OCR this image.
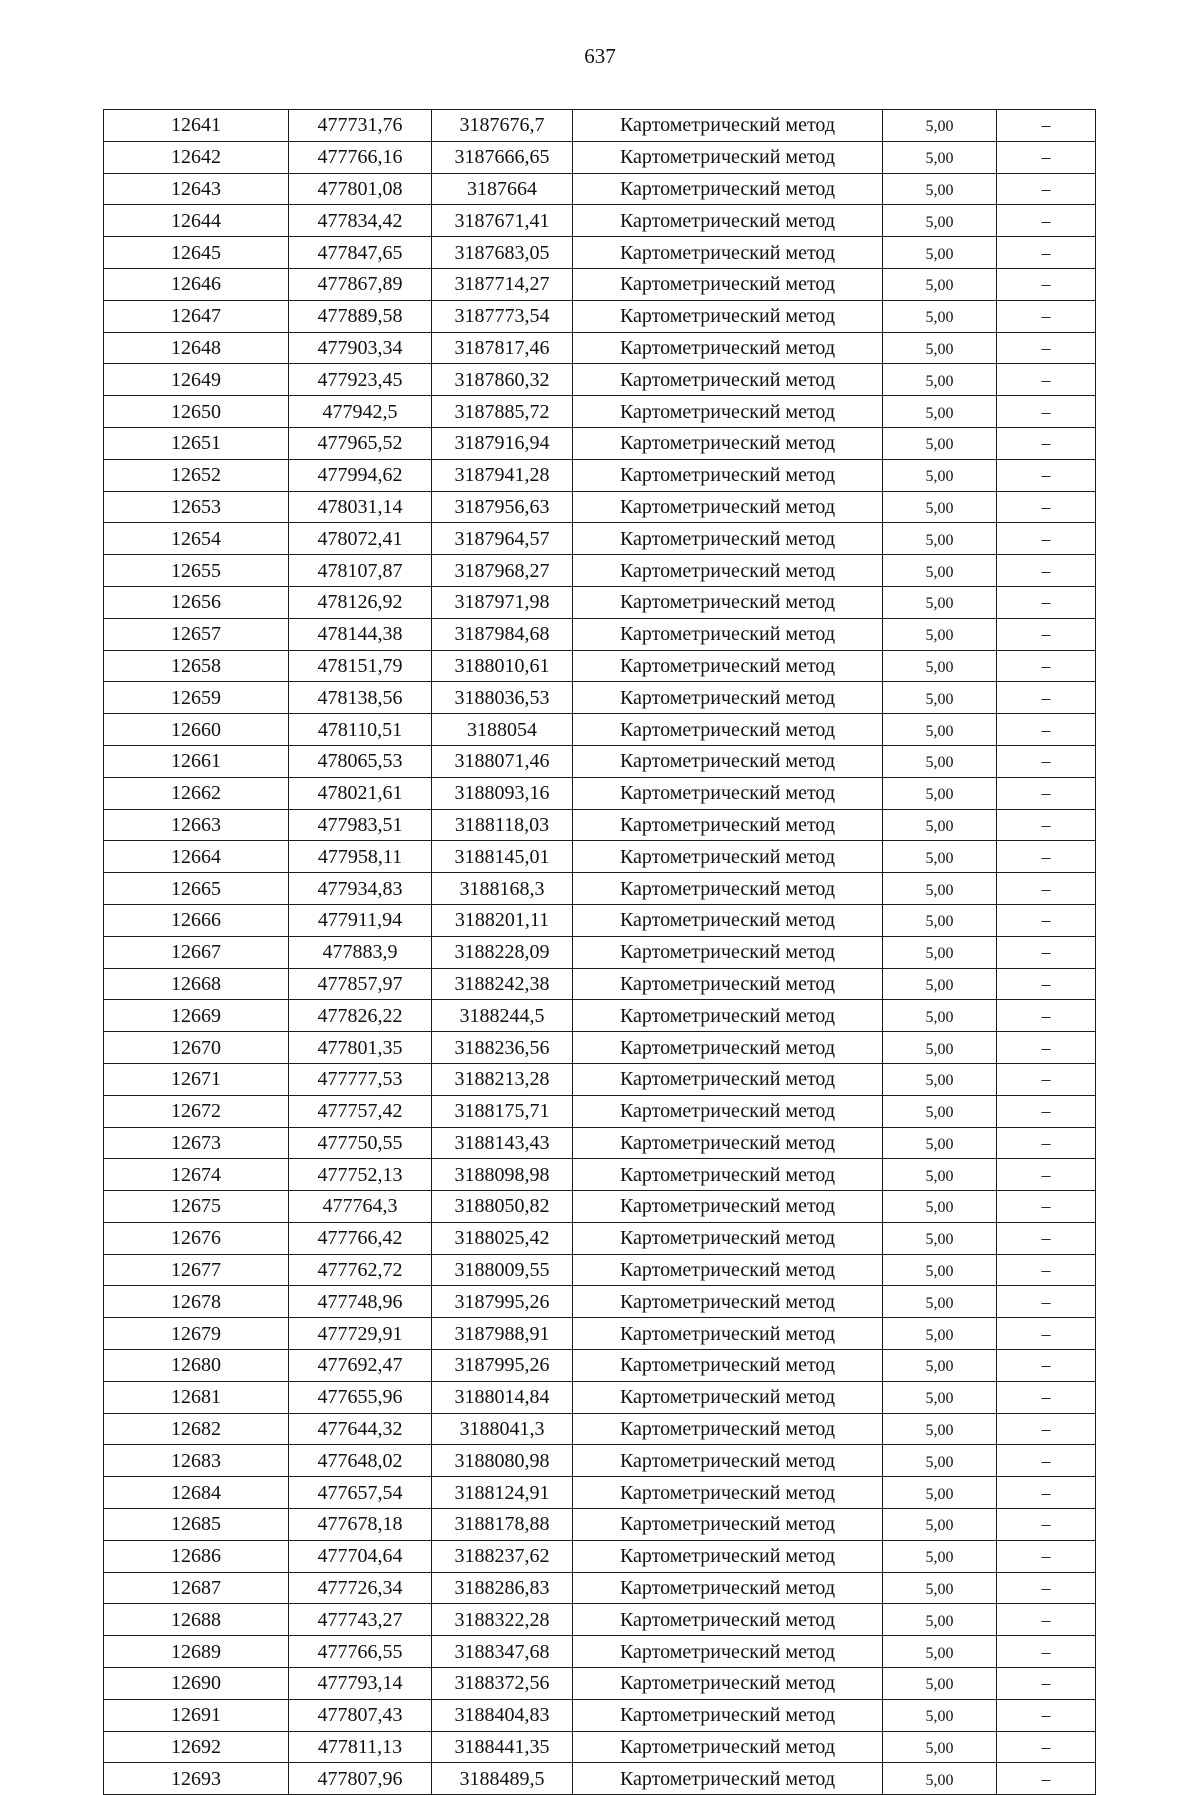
637
12641	477731,76	3187676,7	Картометрический метод	5,00	–
12642	477766,16	3187666,65	Картометрический метод	5,00	–
12643	477801,08	3187664	Картометрический метод	5,00	–
12644	477834,42	3187671,41	Картометрический метод	5,00	–
12645	477847,65	3187683,05	Картометрический метод	5,00	–
12646	477867,89	3187714,27	Картометрический метод	5,00	–
12647	477889,58	3187773,54	Картометрический метод	5,00	–
12648	477903,34	3187817,46	Картометрический метод	5,00	–
12649	477923,45	3187860,32	Картометрический метод	5,00	–
12650	477942,5	3187885,72	Картометрический метод	5,00	–
12651	477965,52	3187916,94	Картометрический метод	5,00	–
12652	477994,62	3187941,28	Картометрический метод	5,00	–
12653	478031,14	3187956,63	Картометрический метод	5,00	–
12654	478072,41	3187964,57	Картометрический метод	5,00	–
12655	478107,87	3187968,27	Картометрический метод	5,00	–
12656	478126,92	3187971,98	Картометрический метод	5,00	–
12657	478144,38	3187984,68	Картометрический метод	5,00	–
12658	478151,79	3188010,61	Картометрический метод	5,00	–
12659	478138,56	3188036,53	Картометрический метод	5,00	–
12660	478110,51	3188054	Картометрический метод	5,00	–
12661	478065,53	3188071,46	Картометрический метод	5,00	–
12662	478021,61	3188093,16	Картометрический метод	5,00	–
12663	477983,51	3188118,03	Картометрический метод	5,00	–
12664	477958,11	3188145,01	Картометрический метод	5,00	–
12665	477934,83	3188168,3	Картометрический метод	5,00	–
12666	477911,94	3188201,11	Картометрический метод	5,00	–
12667	477883,9	3188228,09	Картометрический метод	5,00	–
12668	477857,97	3188242,38	Картометрический метод	5,00	–
12669	477826,22	3188244,5	Картометрический метод	5,00	–
12670	477801,35	3188236,56	Картометрический метод	5,00	–
12671	477777,53	3188213,28	Картометрический метод	5,00	–
12672	477757,42	3188175,71	Картометрический метод	5,00	–
12673	477750,55	3188143,43	Картометрический метод	5,00	–
12674	477752,13	3188098,98	Картометрический метод	5,00	–
12675	477764,3	3188050,82	Картометрический метод	5,00	–
12676	477766,42	3188025,42	Картометрический метод	5,00	–
12677	477762,72	3188009,55	Картометрический метод	5,00	–
12678	477748,96	3187995,26	Картометрический метод	5,00	–
12679	477729,91	3187988,91	Картометрический метод	5,00	–
12680	477692,47	3187995,26	Картометрический метод	5,00	–
12681	477655,96	3188014,84	Картометрический метод	5,00	–
12682	477644,32	3188041,3	Картометрический метод	5,00	–
12683	477648,02	3188080,98	Картометрический метод	5,00	–
12684	477657,54	3188124,91	Картометрический метод	5,00	–
12685	477678,18	3188178,88	Картометрический метод	5,00	–
12686	477704,64	3188237,62	Картометрический метод	5,00	–
12687	477726,34	3188286,83	Картометрический метод	5,00	–
12688	477743,27	3188322,28	Картометрический метод	5,00	–
12689	477766,55	3188347,68	Картометрический метод	5,00	–
12690	477793,14	3188372,56	Картометрический метод	5,00	–
12691	477807,43	3188404,83	Картометрический метод	5,00	–
12692	477811,13	3188441,35	Картометрический метод	5,00	–
12693	477807,96	3188489,5	Картометрический метод	5,00	–
